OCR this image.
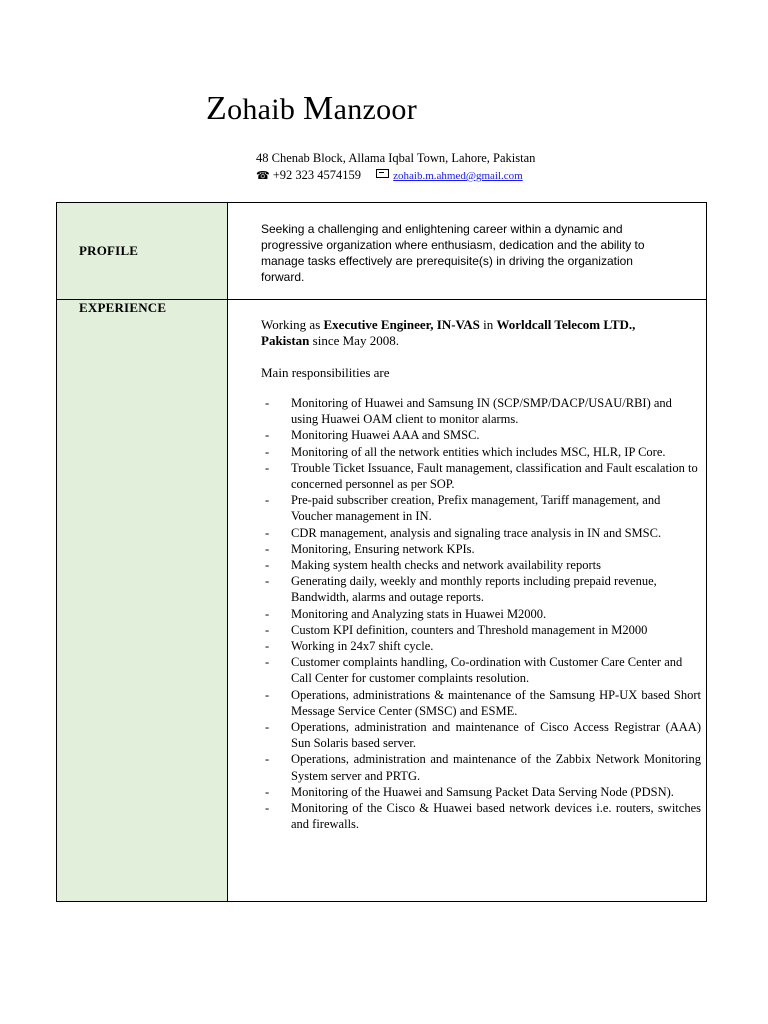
Zohaib Manzoor
48 Chenab Block, Allama Iqbal Town, Lahore, Pakistan
☎ +92 323 4574159	zohaib.m.ahmed@gmail.com
PROFILE
Seeking a challenging and enlightening career within a dynamic and progressive organization where enthusiasm, dedication and the ability to manage tasks effectively are prerequisite(s) in driving the organization forward.
EXPERIENCE

Working as Executive Engineer, IN-VAS in Worldcall Telecom LTD., Pakistan since May 2008.

Main responsibilities are

- Monitoring of Huawei and Samsung IN (SCP/SMP/DACP/USAU/RBI) and using Huawei OAM client to monitor alarms.
- Monitoring Huawei AAA and SMSC.
- Monitoring of all the network entities which includes MSC, HLR, IP Core.
- Trouble Ticket Issuance, Fault management, classification and Fault escalation to concerned personnel as per SOP.
- Pre-paid subscriber creation, Prefix management, Tariff management, and Voucher management in IN.
- CDR management, analysis and signaling trace analysis in IN and SMSC.
- Monitoring, Ensuring network KPIs.
- Making system health checks and network availability reports
- Generating daily, weekly and monthly reports including prepaid revenue, Bandwidth, alarms and outage reports.
- Monitoring and Analyzing stats in Huawei M2000.
- Custom KPI definition, counters and Threshold management in M2000
- Working in 24x7 shift cycle.
- Customer complaints handling, Co-ordination with Customer Care Center and Call Center for customer complaints resolution.
- Operations, administrations & maintenance of the Samsung HP-UX based Short Message Service Center (SMSC) and ESME.
- Operations, administration and maintenance of Cisco Access Registrar (AAA) Sun Solaris based server.
- Operations, administration and maintenance of the Zabbix Network Monitoring System server and PRTG.
- Monitoring of the Huawei and Samsung Packet Data Serving Node (PDSN).
- Monitoring of the Cisco & Huawei based network devices i.e. routers, switches and firewalls.
